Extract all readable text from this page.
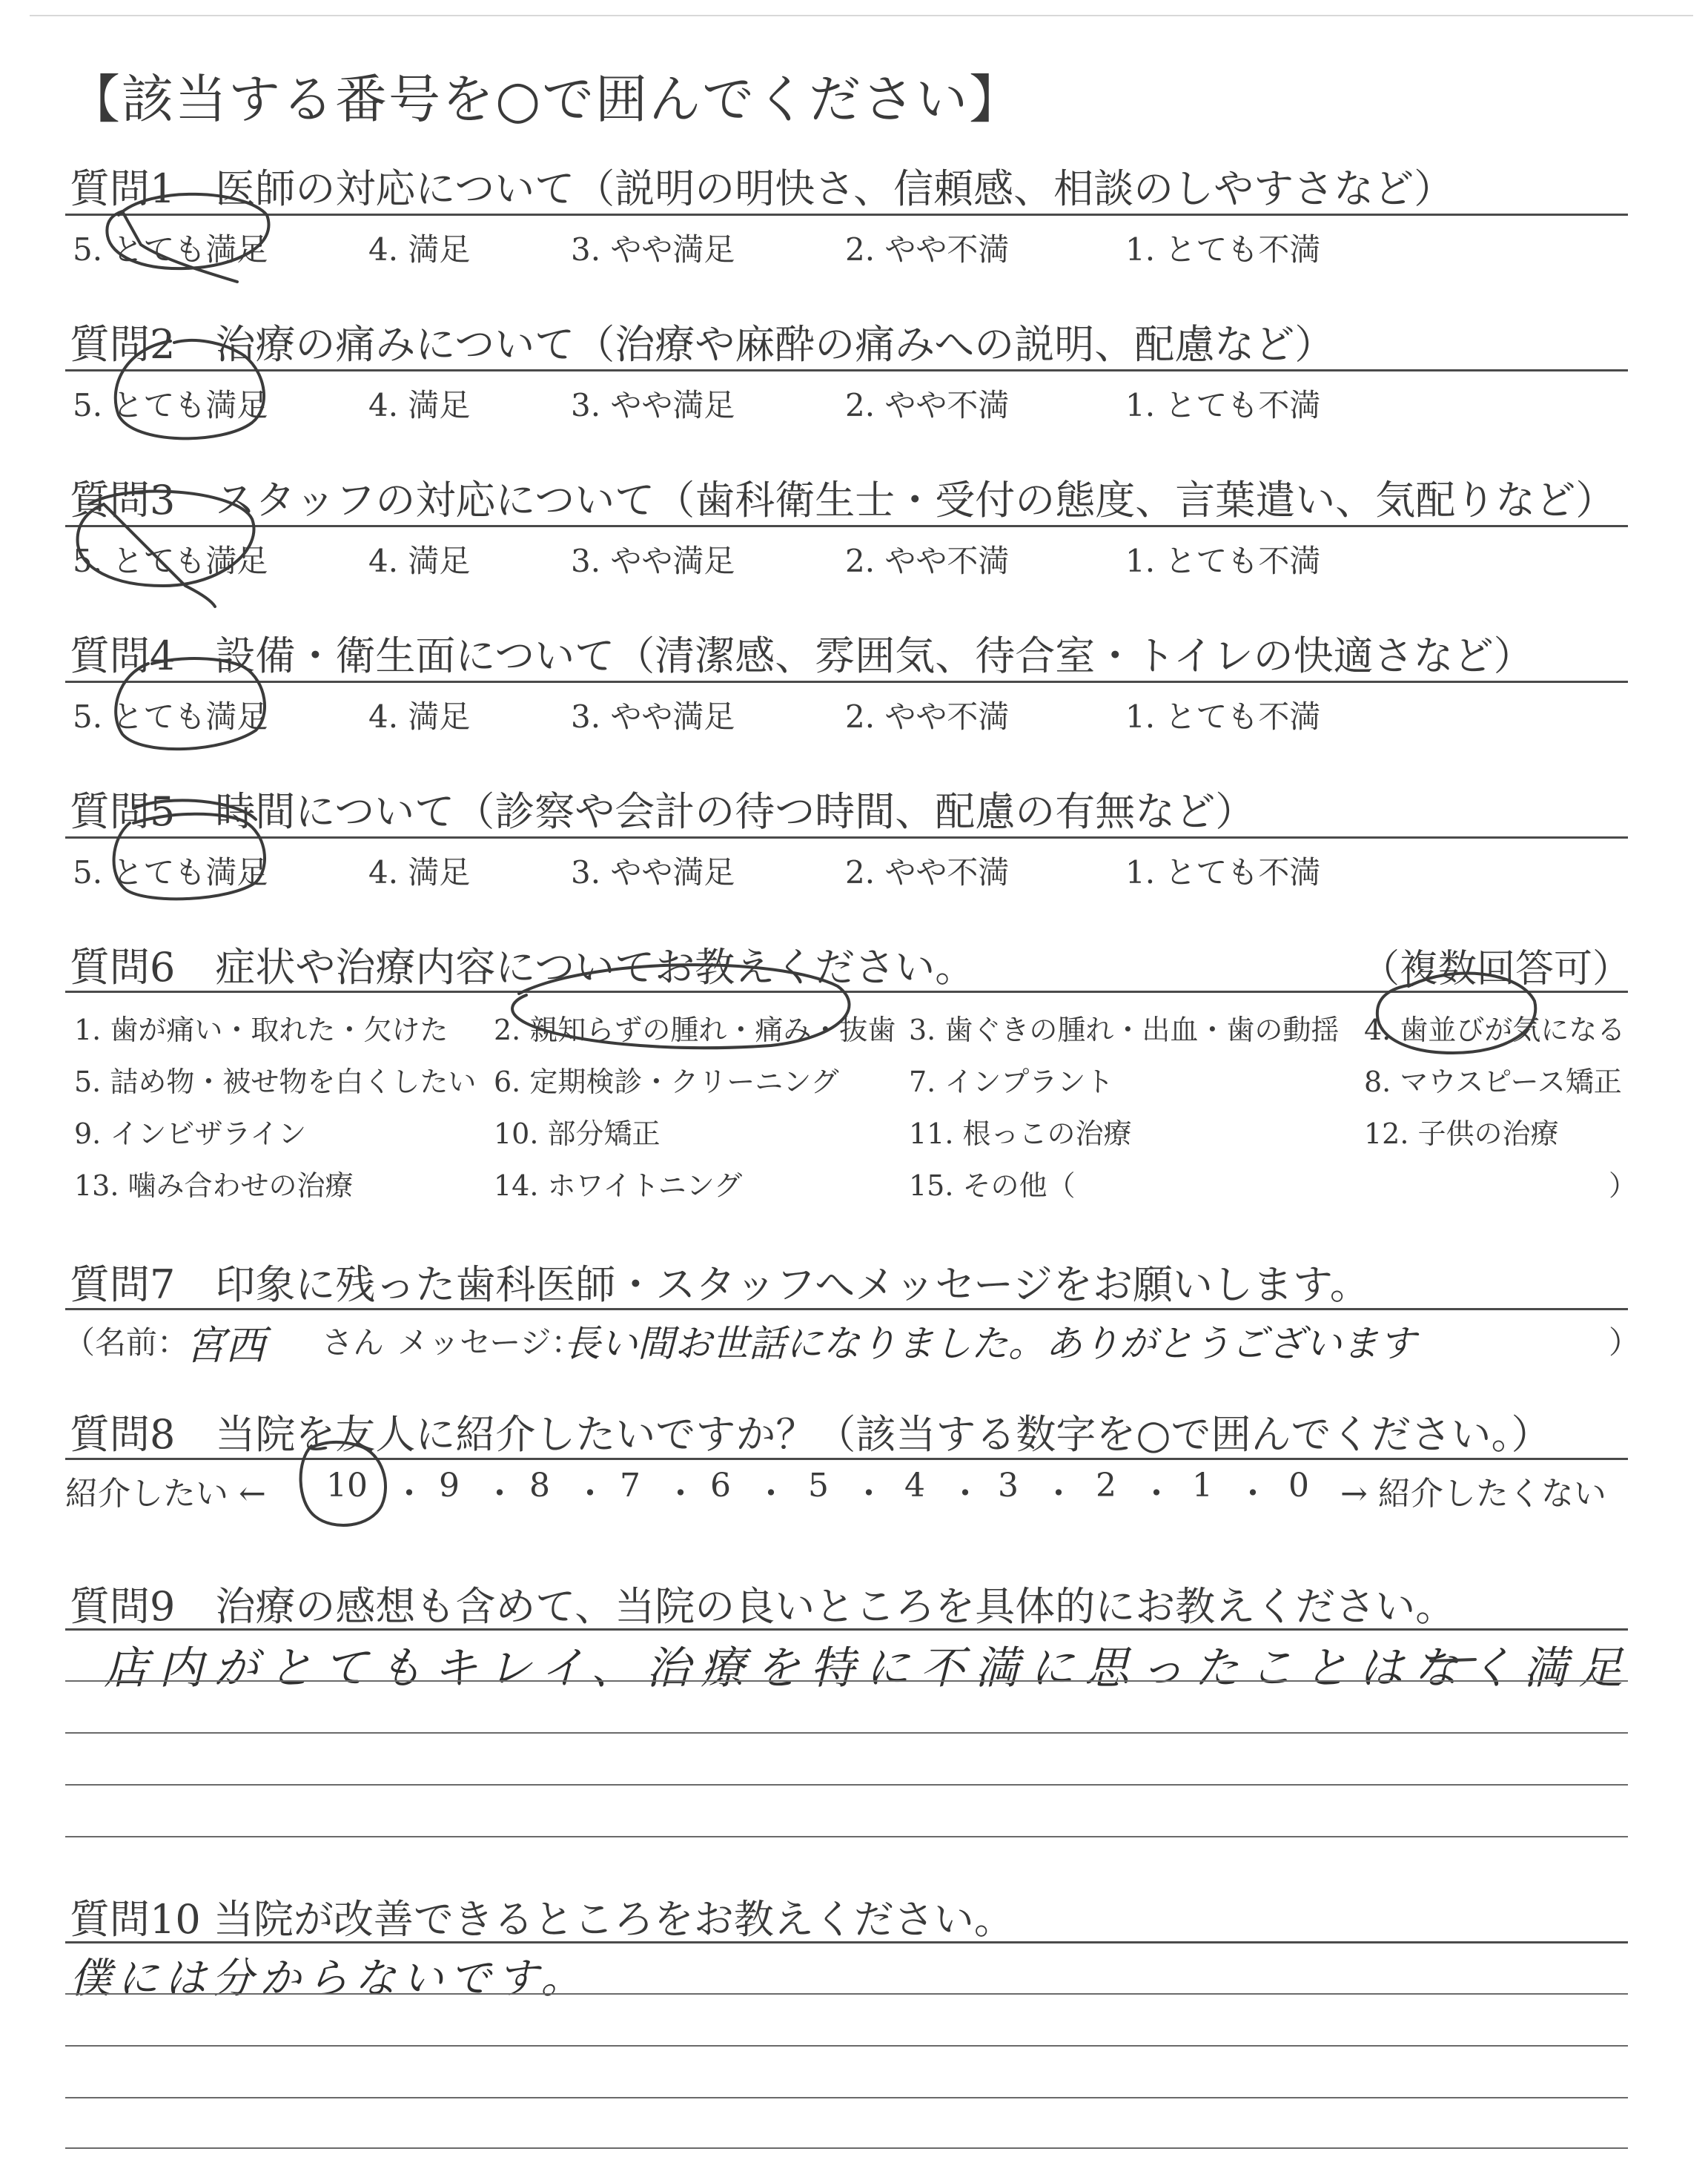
【該当する番号を○で囲んでください】
質問1　医師の対応について（説明の明快さ、信頼感、相談のしやすさなど）
5. とても満足	4. 満足	3. やや満足	2. やや不満	1. とても不満
質問2　治療の痛みについて（治療や麻酔の痛みへの説明、配慮など）
5. とても満足	4. 満足	3. やや満足	2. やや不満	1. とても不満
質問3　スタッフの対応について（歯科衛生士・受付の態度、言葉遣い、気配りなど）
5. とても満足	4. 満足	3. やや満足	2. やや不満	1. とても不満
質問4　設備・衛生面について（清潔感、雰囲気、待合室・トイレの快適さなど）
5. とても満足	4. 満足	3. やや満足	2. やや不満	1. とても不満
質問5　時間について（診察や会計の待つ時間、配慮の有無など）
5. とても満足	4. 満足	3. やや満足	2. やや不満	1. とても不満
質問6　症状や治療内容についてお教えください。	（複数回答可）
1. 歯が痛い・取れた・欠けた 2. 親知らずの腫れ・痛み・抜歯 3. 歯ぐきの腫れ・出血・歯の動揺 4. 歯並びが気になる
5. 詰め物・被せ物を白くしたい 6. 定期検診・クリーニング 7. インプラント	8. マウスピース矯正
9. インビザライン	10. 部分矯正	11. 根っこの治療	12. 子供の治療
13. 噛み合わせの治療	14. ホワイトニング	15. その他（	）
質問7　印象に残った歯科医師・スタッフへメッセージをお願いします。
（名前：
宮西 さん メッセージ：
長い間お世話になりました。ありがとうございます	）
質問8　当院を友人に紹介したいですか？（該当する数字を○で囲んでください。）
紹介したい ← 10 ・ 9 ・ 8 ・ 7 ・ 6 ・ 5 ・ 4 ・ 3 ・ 2 ・ 1 ・ 0 → 紹介したくない
質問9　治療の感想も含めて、当院の良いところを具体的にお教えください。
店内がとてもキレイ、治療を特に不満に思ったことはなく満足
質問10 当院が改善できるところをお教えください。
僕には分からないです。
